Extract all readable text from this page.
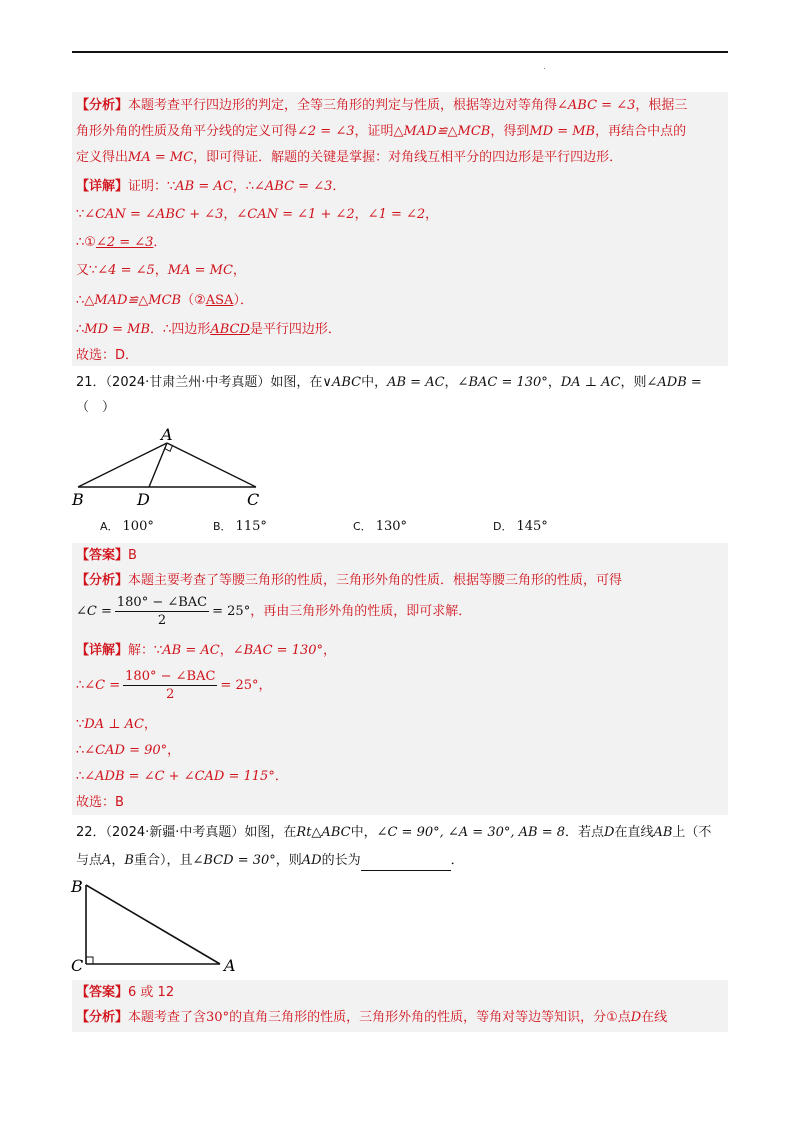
.
【分析】本题考查平行四边形的判定，全等三角形的判定与性质，根据等边对等角得∠ABC = ∠3，根据三
角形外角的性质及角平分线的定义可得∠2 = ∠3，证明△MAD≌△MCB，得到MD = MB，再结合中点的
定义得出MA = MC，即可得证．解题的关键是掌握：对角线互相平分的四边形是平行四边形．
【详解】证明：∵AB = AC，∴∠ABC = ∠3．
∵∠CAN = ∠ABC + ∠3，∠CAN = ∠1 + ∠2，∠1 = ∠2，
∴①∠2 = ∠3．
又∵∠4 = ∠5，MA = MC，
∴△MAD≌△MCB（②ASA）．
∴MD = MB．∴四边形ABCD是平行四边形．
故选：D．
21．（2024·甘肃兰州·中考真题）如图，在∨ABC中，AB = AC，∠BAC = 130°，DA ⊥ AC，则∠ADB =
（　）
A
B	D	C
A． 100°	B． 115°	C． 130°	D． 145°
【答案】B
【分析】本题主要考查了等腰三角形的性质，三角形外角的性质．根据等腰三角形的性质，可得
∠C = $\frac{\text{180° − ∠BAC}}{2} = 25^\circ$，再由三角形外角的性质，即可求解．
【详解】解：∵AB = AC，∠BAC = 130°，
∴∠C = $\frac{\text{180° − ∠BAC}}{2} = 25^\circ$，
∵DA ⊥ AC，
∴∠CAD = 90°，
∴∠ADB = ∠C + ∠CAD = 115°．
故选：B
22．（2024·新疆·中考真题）如图，在Rt△ABC中，∠C = 90°, ∠A = 30°, AB = 8．若点D在直线AB上（不
与点A，B重合），且∠BCD = 30°，则AD的长为	．
B
C	A
【答案】6 或 12
【分析】本题考查了含30°的直角三角形的性质，三角形外角的性质，等角对等边等知识，分①点D在线
